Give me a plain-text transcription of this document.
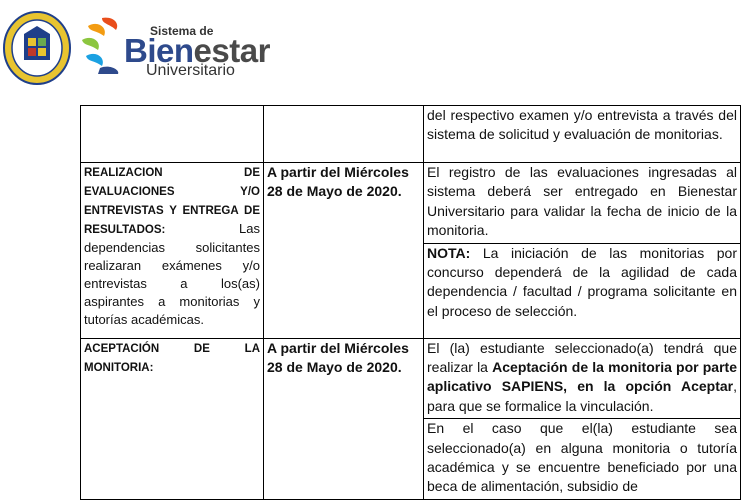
Sistema de
Bienestar
Universitario
		del respectivo examen y/o entrevista a través del sistema de solicitud y evaluación de monitorias.
REALIZACION DE EVALUACIONES Y/O ENTREVISTAS Y ENTREGA DE RESULTADOS: Las dependencias solicitantes realizaran exámenes y/o entrevistas a los(as) aspirantes a monitorias y tutorías académicas.	A partir del Miércoles 28 de Mayo de 2020.	El registro de las evaluaciones ingresadas al sistema deberá ser entregado en Bienestar Universitario para validar la fecha de inicio de la monitoria.
		NOTA: La iniciación de las monitorias por concurso dependerá de la agilidad de cada dependencia / facultad / programa solicitante en el proceso de selección.
ACEPTACIÓN DE LA MONITORIA:	A partir del Miércoles 28 de Mayo de 2020.	El (la) estudiante seleccionado(a) tendrá que realizar la Aceptación de la monitoria por parte aplicativo SAPIENS, en la opción Aceptar, para que se formalice la vinculación.
		En el caso que el(la) estudiante sea seleccionado(a) en alguna monitoria o tutoría académica y se encuentre beneficiado por una beca de alimentación, subsidio de
